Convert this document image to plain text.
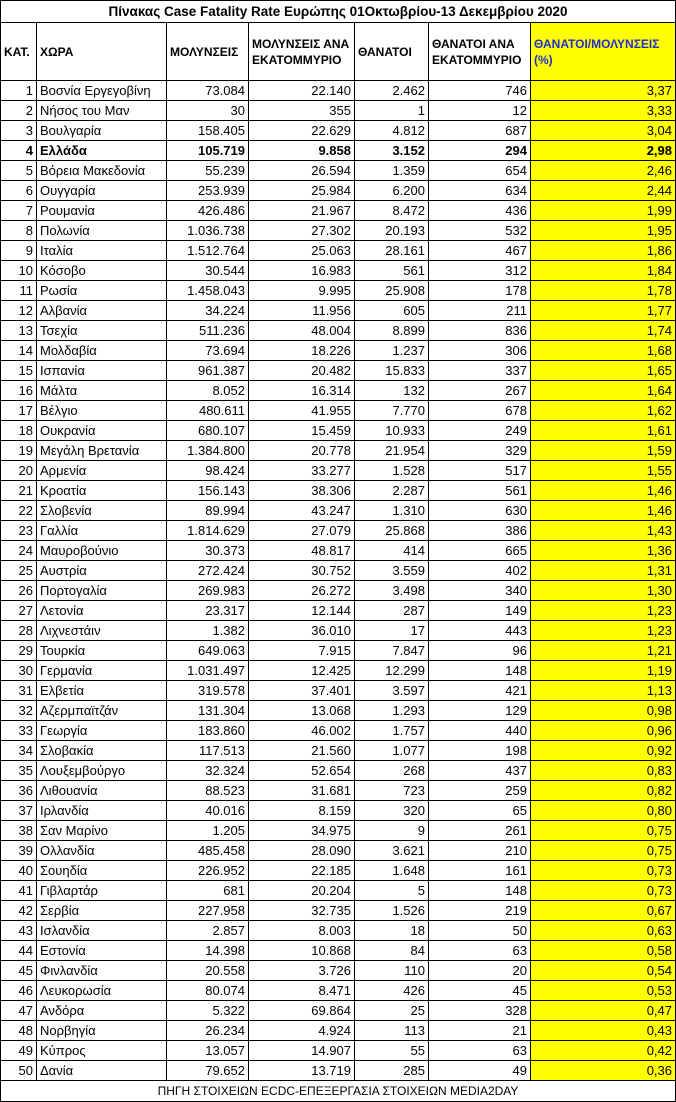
Πίνακας Case Fatality Rate Ευρώπης 01Οκτωβρίου-13 Δεκεμβρίου 2020						
ΚΑΤ.	ΧΩΡΑ	ΜΟΛΥΝΣΕΙΣ	ΜΟΛΥΝΣΕΙΣ ΑΝΑ ΕΚΑΤΟΜΜΥΡΙΟ	ΘΑΝΑΤΟΙ	ΘΑΝΑΤΟΙ ΑΝΑ ΕΚΑΤΟΜΜΥΡΙΟ	ΘΑΝΑΤΟΙ/ΜΟΛΥΝΣΕΙΣ (%)
1	Βοσνία Εργεγοβίνη	73.084	22.140	2.462	746	3,37
2	Νήσος του Μαν	30	355	1	12	3,33
3	Βουλγαρία	158.405	22.629	4.812	687	3,04
4	Ελλάδα	105.719	9.858	3.152	294	2,98
5	Βόρεια Μακεδονία	55.239	26.594	1.359	654	2,46
6	Ουγγαρία	253.939	25.984	6.200	634	2,44
7	Ρουμανία	426.486	21.967	8.472	436	1,99
8	Πολωνία	1.036.738	27.302	20.193	532	1,95
9	Ιταλία	1.512.764	25.063	28.161	467	1,86
10	Κόσοβο	30.544	16.983	561	312	1,84
11	Ρωσία	1.458.043	9.995	25.908	178	1,78
12	Αλβανία	34.224	11.956	605	211	1,77
13	Τσεχία	511.236	48.004	8.899	836	1,74
14	Μολδαβία	73.694	18.226	1.237	306	1,68
15	Ισπανία	961.387	20.482	15.833	337	1,65
16	Μάλτα	8.052	16.314	132	267	1,64
17	Βέλγιο	480.611	41.955	7.770	678	1,62
18	Ουκρανία	680.107	15.459	10.933	249	1,61
19	Μεγάλη Βρετανία	1.384.800	20.778	21.954	329	1,59
20	Αρμενία	98.424	33.277	1.528	517	1,55
21	Κροατία	156.143	38.306	2.287	561	1,46
22	Σλοβενία	89.994	43.247	1.310	630	1,46
23	Γαλλία	1.814.629	27.079	25.868	386	1,43
24	Μαυροβούνιο	30.373	48.817	414	665	1,36
25	Αυστρία	272.424	30.752	3.559	402	1,31
26	Πορτογαλία	269.983	26.272	3.498	340	1,30
27	Λετονία	23.317	12.144	287	149	1,23
28	Λιχνεστάιν	1.382	36.010	17	443	1,23
29	Τουρκία	649.063	7.915	7.847	96	1,21
30	Γερμανία	1.031.497	12.425	12.299	148	1,19
31	Ελβετία	319.578	37.401	3.597	421	1,13
32	Αζερμπαϊτζάν	131.304	13.068	1.293	129	0,98
33	Γεωργία	183.860	46.002	1.757	440	0,96
34	Σλοβακία	117.513	21.560	1.077	198	0,92
35	Λουξεμβούργο	32.324	52.654	268	437	0,83
36	Λιθουανία	88.523	31.681	723	259	0,82
37	Ιρλανδία	40.016	8.159	320	65	0,80
38	Σαν Μαρίνο	1.205	34.975	9	261	0,75
39	Ολλανδία	485.458	28.090	3.621	210	0,75
40	Σουηδία	226.952	22.185	1.648	161	0,73
41	Γιβλαρτάρ	681	20.204	5	148	0,73
42	Σερβία	227.958	32.735	1.526	219	0,67
43	Ισλανδία	2.857	8.003	18	50	0,63
44	Εστονία	14.398	10.868	84	63	0,58
45	Φινλανδία	20.558	3.726	110	20	0,54
46	Λευκορωσία	80.074	8.471	426	45	0,53
47	Ανδόρα	5.322	69.864	25	328	0,47
48	Νορβηγία	26.234	4.924	113	21	0,43
49	Κύπρος	13.057	14.907	55	63	0,42
50	Δανία	79.652	13.719	285	49	0,36
ΠΗΓΗ ΣΤΟΙΧΕΙΩΝ ECDC-ΕΠΕΞΕΡΓΑΣΙΑ ΣΤΟΙΧΕΙΩΝ MEDIA2DAY						
